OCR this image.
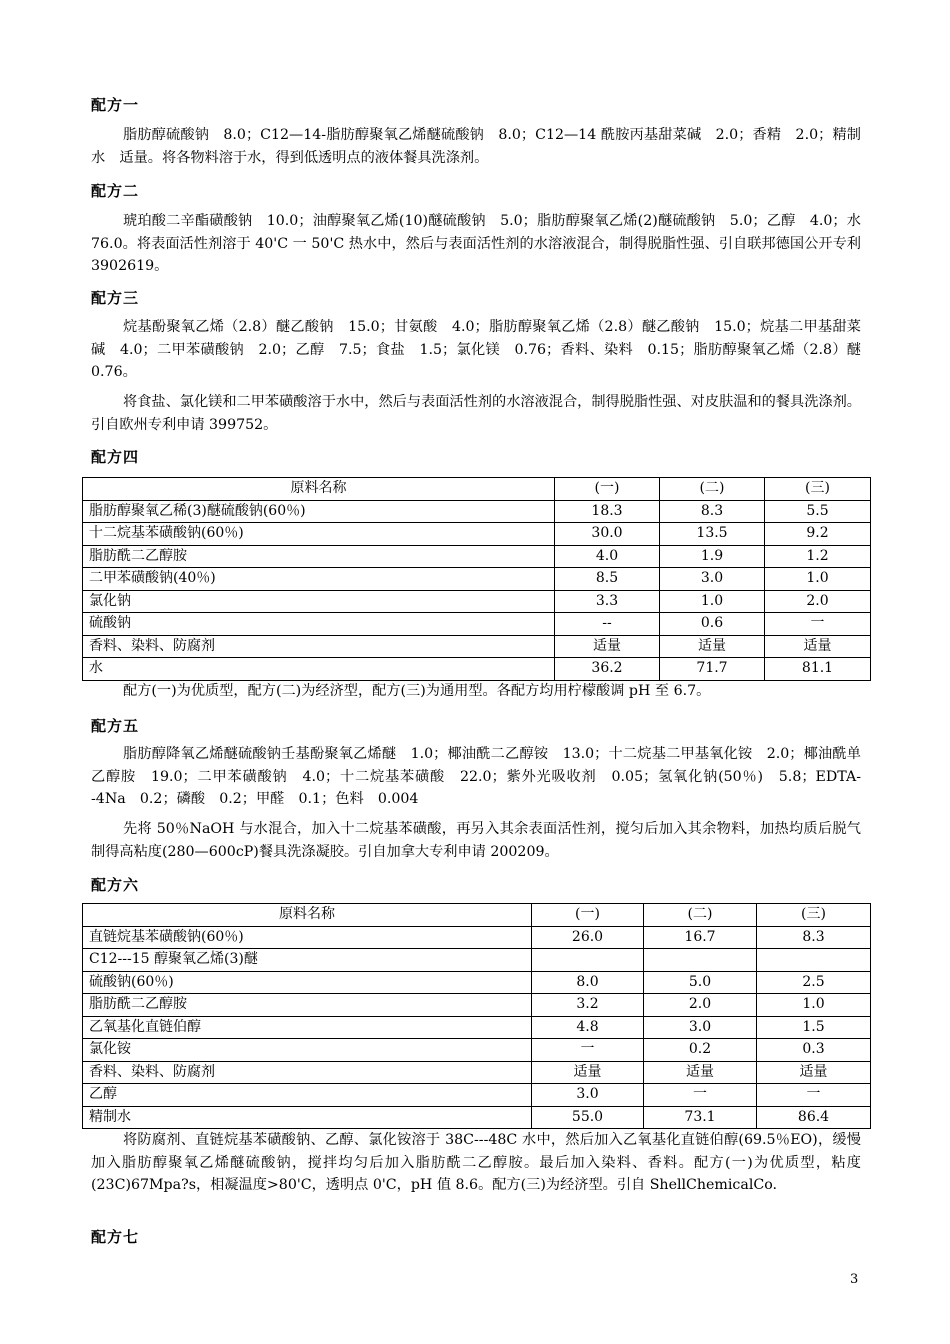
配方一

脂肪醇硫酸钠　8.0；C12—14-脂肪醇聚氧乙烯醚硫酸钠　8.0；C12—14 酰胺丙基甜菜碱　2.0；香精　2.0；精制水　适量。将各物料溶于水，得到低透明点的液体餐具洗涤剂。

配方二

琥珀酸二辛酯磺酸钠　10.0；油醇聚氧乙烯(10)醚硫酸钠　5.0；脂肪醇聚氧乙烯(2)醚硫酸钠　5.0；乙醇　4.0；水　76.0。将表面活性剂溶于 40'C 一 50'C 热水中，然后与表面活性剂的水溶液混合，制得脱脂性强、引自联邦德国公开专利 3902619。

配方三

烷基酚聚氧乙烯（2.8）醚乙酸钠　15.0；甘氨酸　4.0；脂肪醇聚氧乙烯（2.8）醚乙酸钠　15.0；烷基二甲基甜菜碱　4.0；二甲苯磺酸钠　2.0；乙醇　7.5；食盐　1.5；氯化镁　0.76；香料、染料　0.15；脂肪醇聚氧乙烯（2.8）醚　0.76。

将食盐、氯化镁和二甲苯磺酸溶于水中，然后与表面活性剂的水溶液混合，制得脱脂性强、对皮肤温和的餐具洗涤剂。引自欧州专利申请 399752。

配方四
原料名称	(一)	(二)	(三)
脂肪醇聚氧乙稀(3)醚硫酸钠(60％)	18.3	8.3	5.5
十二烷基苯磺酸钠(60％)	30.0	13.5	9.2
脂肪酰二乙醇胺	4.0	1.9	1.2
二甲苯磺酸钠(40％)	8.5	3.0	1.0
氯化钠	3.3	1.0	2.0
硫酸钠	--	0.6	一
香料、染料、防腐剂	适量	适量	适量
水	36.2	71.7	81.1

配方(一)为优质型，配方(二)为经济型，配方(三)为通用型。各配方均用柠檬酸调 pH 至 6.7。

配方五

脂肪醇降氧乙烯醚硫酸钠壬基酚聚氧乙烯醚　1.0；椰油酰二乙醇铵　13.0；十二烷基二甲基氧化铵　2.0；椰油酰单乙醇胺　19.0；二甲苯磺酸钠　4.0；十二烷基苯磺酸　22.0；紫外光吸收剂　0.05；氢氧化钠(50％)　5.8；EDTA--4Na　0.2；磷酸　0.2；甲醛　0.1；色料　0.004

先将 50％NaOH 与水混合，加入十二烷基苯磺酸，再另入其余表面活性剂，搅匀后加入其余物料，加热均质后脱气制得高粘度(280—600cP)餐具洗涤凝胶。引自加拿大专利申请 200209。

配方六
原料名称	(一)	(二)	(三)
直链烷基苯磺酸钠(60％)	26.0	16.7	8.3
C12---15 醇聚氧乙烯(3)醚			
硫酸钠(60％)	8.0	5.0	2.5
脂肪酰二乙醇胺	3.2	2.0	1.0
乙氧基化直链伯醇	4.8	3.0	1.5
氯化铵	一	0.2	0.3
香料、染料、防腐剂	适量	适量	适量
乙醇	3.0	一	一
精制水	55.0	73.1	86.4

将防腐剂、直链烷基苯磺酸钠、乙醇、氯化铵溶于 38C---48C 水中，然后加入乙氧基化直链伯醇(69.5％EO)，缓慢加入脂肪醇聚氧乙烯醚硫酸钠，搅拌均匀后加入脂肪酰二乙醇胺。最后加入染料、香料。配方(一)为优质型，粘度(23C)67Mpa?s，相凝温度>80'C，透明点 0'C，pH 值 8.6。配方(三)为经济型。引自 ShellChemicalCo.

配方七
3
